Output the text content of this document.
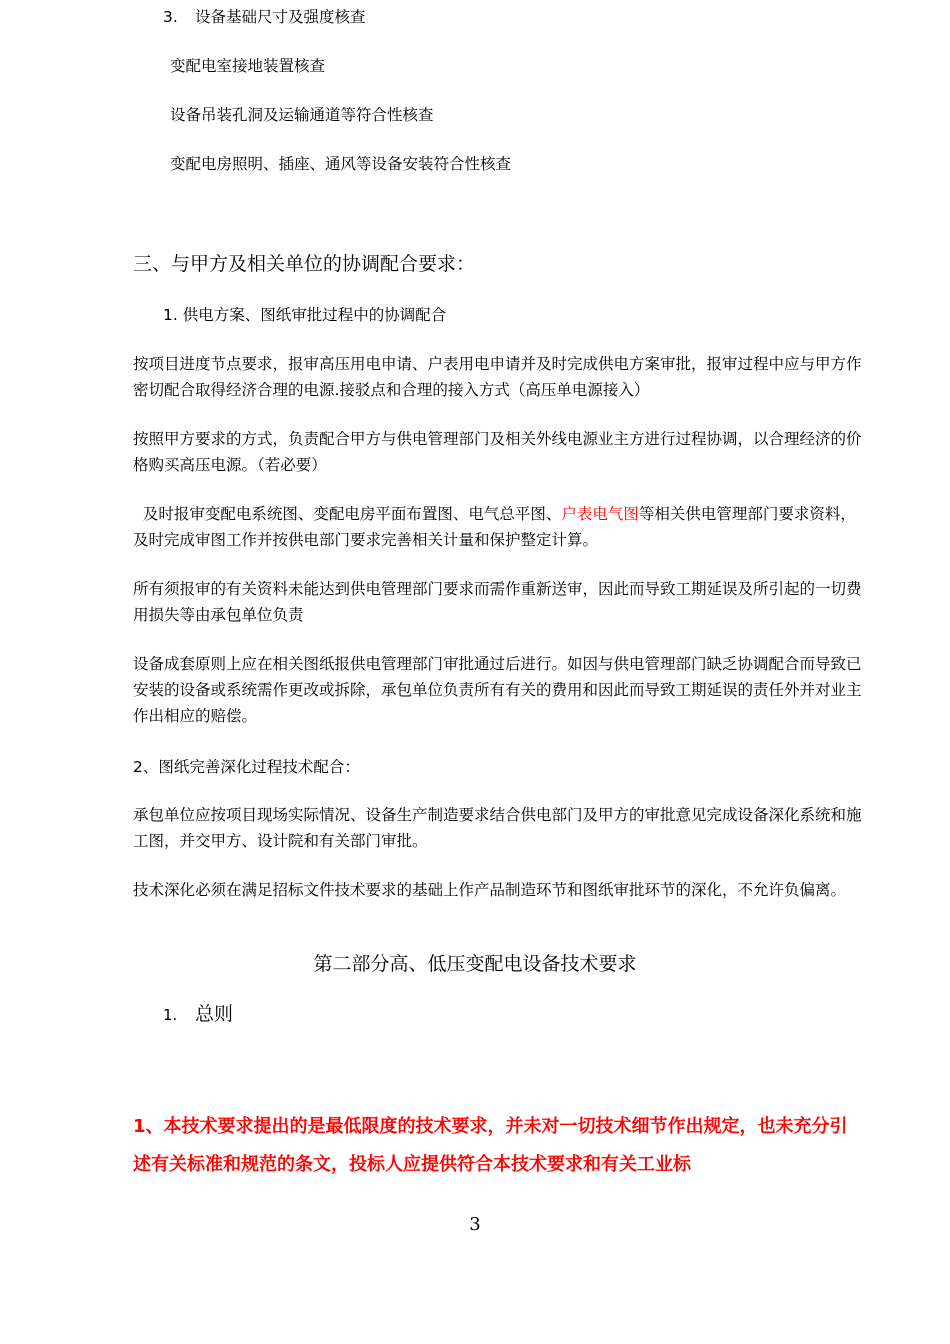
3. 设备基础尺寸及强度核查
变配电室接地装置核查
设备吊装孔洞及运输通道等符合性核查
变配电房照明、插座、通风等设备安装符合性核查
三、与甲方及相关单位的协调配合要求：
1. 供电方案、图纸审批过程中的协调配合

按项目进度节点要求，报审高压用电申请、户表用电申请并及时完成供电方案审批，报审过程中应与甲方作密切配合取得经济合理的电源.接驳点和合理的接入方式（高压单电源接入）

按照甲方要求的方式，负责配合甲方与供电管理部门及相关外线电源业主方进行过程协调，以合理经济的价格购买高压电源。（若必要）

及时报审变配电系统图、变配电房平面布置图、电气总平图、户表电气图等相关供电管理部门要求资料，及时完成审图工作并按供电部门要求完善相关计量和保护整定计算。

所有须报审的有关资料未能达到供电管理部门要求而需作重新送审，因此而导致工期延误及所引起的一切费用损失等由承包单位负责

设备成套原则上应在相关图纸报供电管理部门审批通过后进行。如因与供电管理部门缺乏协调配合而导致已安装的设备或系统需作更改或拆除，承包单位负责所有有关的费用和因此而导致工期延误的责任外并对业主作出相应的赔偿。

2、图纸完善深化过程技术配合：

承包单位应按项目现场实际情况、设备生产制造要求结合供电部门及甲方的审批意见完成设备深化系统和施工图，并交甲方、设计院和有关部门审批。

技术深化必须在满足招标文件技术要求的基础上作产品制造环节和图纸审批环节的深化，不允许负偏离。

第二部分高、低压变配电设备技术要求
1. 总则

1、本技术要求提出的是最低限度的技术要求，并未对一切技术细节作出规定，也未充分引述有关标准和规范的条文，投标人应提供符合本技术要求和有关工业标

3
